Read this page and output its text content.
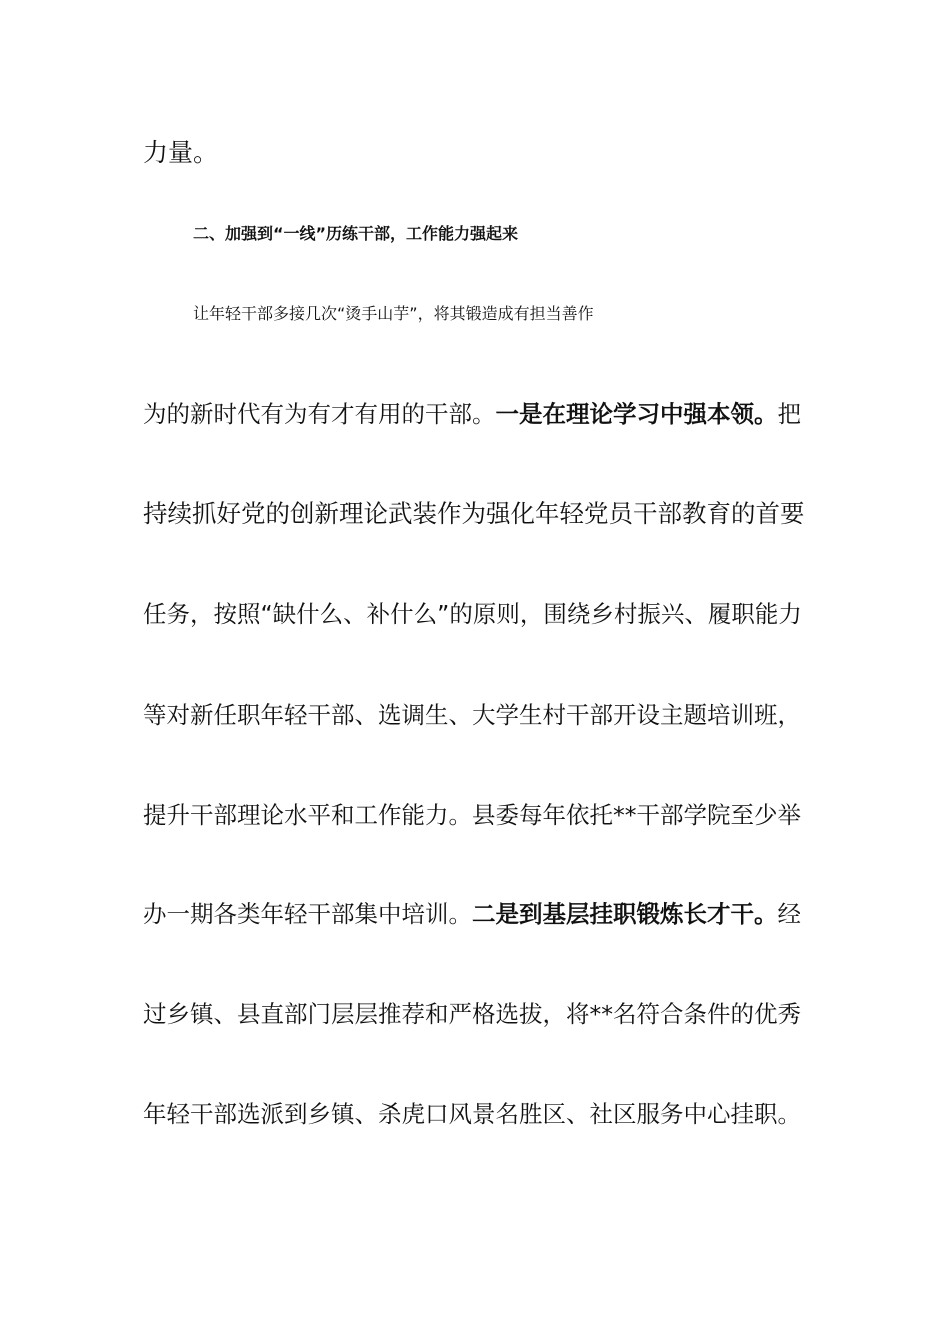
力量。
二、加强到“一线”历练干部，工作能力强起来
让年轻干部多接几次“烫手山芋”，将其锻造成有担当善作
为的新时代有为有才有用的干部。一是在理论学习中强本领。把
持续抓好党的创新理论武装作为强化年轻党员干部教育的首要
任务，按照“缺什么、补什么”的原则，围绕乡村振兴、履职能力
等对新任职年轻干部、选调生、大学生村干部开设主题培训班，
提升干部理论水平和工作能力。县委每年依托**干部学院至少举
办一期各类年轻干部集中培训。二是到基层挂职锻炼长才干。经
过乡镇、县直部门层层推荐和严格选拔，将**名符合条件的优秀
年轻干部选派到乡镇、杀虎口风景名胜区、社区服务中心挂职。
